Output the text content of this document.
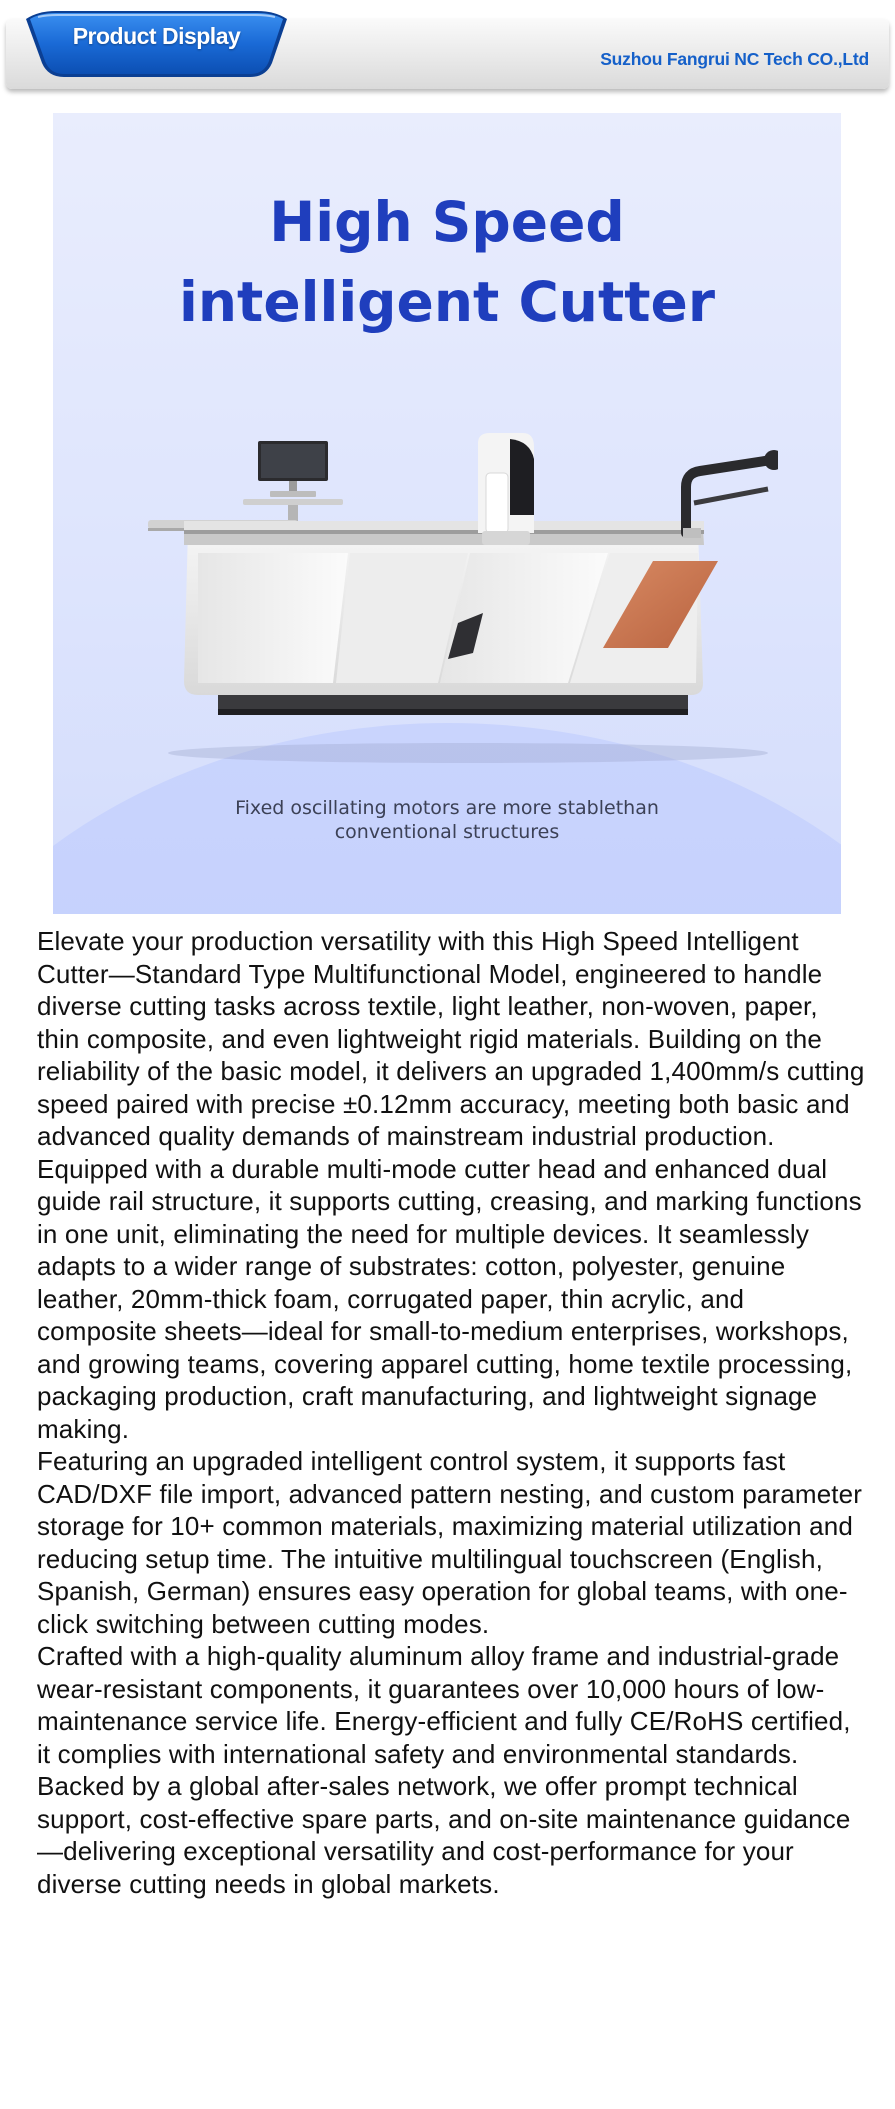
Product Display
Suzhou Fangrui NC Tech CO.,Ltd
High Speed
intelligent Cutter
Fixed oscillating motors are more stablethan
conventional structures

Elevate your production versatility with this High Speed Intelligent Cutter—Standard Type Multifunctional Model, engineered to handle diverse cutting tasks across textile, light leather, non-woven, paper, thin composite, and even lightweight rigid materials. Building on the reliability of the basic model, it delivers an upgraded 1,400mm/s cutting speed paired with precise ±0.12mm accuracy, meeting both basic and advanced quality demands of mainstream industrial production.

Equipped with a durable multi-mode cutter head and enhanced dual guide rail structure, it supports cutting, creasing, and marking functions in one unit, eliminating the need for multiple devices. It seamlessly adapts to a wider range of substrates: cotton, polyester, genuine leather, 20mm-thick foam, corrugated paper, thin acrylic, and composite sheets—ideal for small-to-medium enterprises, workshops, and growing teams, covering apparel cutting, home textile processing, packaging production, craft manufacturing, and lightweight signage making.

Featuring an upgraded intelligent control system, it supports fast CAD/DXF file import, advanced pattern nesting, and custom parameter storage for 10+ common materials, maximizing material utilization and reducing setup time. The intuitive multilingual touchscreen (English, Spanish, German) ensures easy operation for global teams, with one-click switching between cutting modes.

Crafted with a high-quality aluminum alloy frame and industrial-grade wear-resistant components, it guarantees over 10,000 hours of low-maintenance service life. Energy-efficient and fully CE/RoHS certified, it complies with international safety and environmental standards.

Backed by a global after-sales network, we offer prompt technical support, cost-effective spare parts, and on-site maintenance guidance—delivering exceptional versatility and cost-performance for your diverse cutting needs in global markets.
